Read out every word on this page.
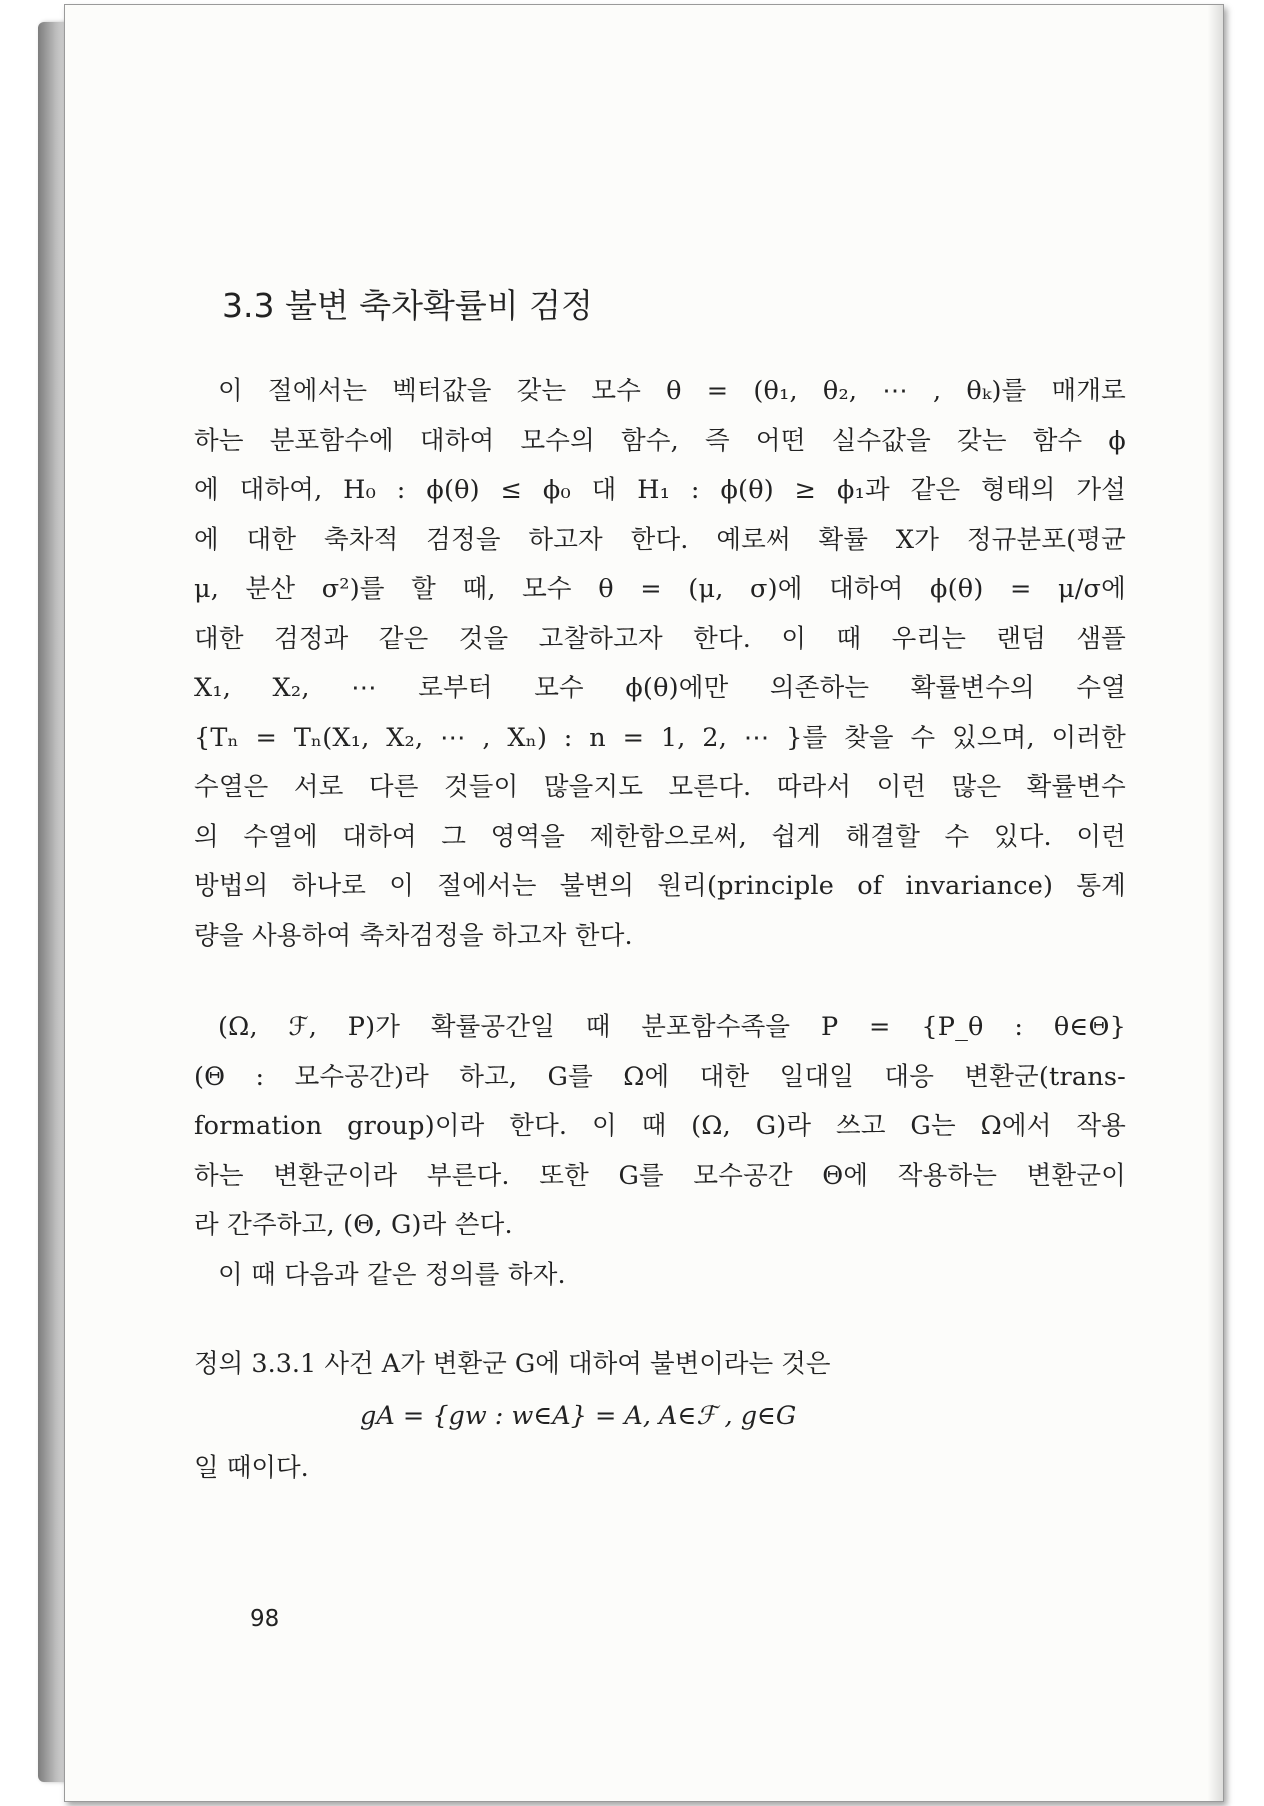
3.3 불변 축차확률비 검정

이 절에서는 벡터값을 갖는 모수 θ = (θ₁, θ₂, ⋯ , θₖ)를 매개로

하는 분포함수에 대하여 모수의 함수, 즉 어떤 실수값을 갖는 함수 ϕ

에 대하여, H₀ : ϕ(θ) ≤ ϕ₀ 대 H₁ : ϕ(θ) ≥ ϕ₁과 같은 형태의 가설

에 대한 축차적 검정을 하고자 한다. 예로써 확률 X가 정규분포(평균

μ, 분산 σ²)를 할 때, 모수 θ = (μ, σ)에 대하여 ϕ(θ) = μ/σ에

대한 검정과 같은 것을 고찰하고자 한다. 이 때 우리는 랜덤 샘플

X₁, X₂, ⋯ 로부터 모수 ϕ(θ)에만 의존하는 확률변수의 수열

{Tₙ = Tₙ(X₁, X₂, ⋯ , Xₙ) : n = 1, 2, ⋯ }를 찾을 수 있으며, 이러한

수열은 서로 다른 것들이 많을지도 모른다. 따라서 이런 많은 확률변수

의 수열에 대하여 그 영역을 제한함으로써, 쉽게 해결할 수 있다. 이런

방법의 하나로 이 절에서는 불변의 원리(principle of invariance) 통계

량을 사용하여 축차검정을 하고자 한다.

(Ω, ℱ, P)가 확률공간일 때 분포함수족을 P = {P_θ : θ∈Θ}

(Θ : 모수공간)라 하고, G를 Ω에 대한 일대일 대응 변환군(trans-

formation group)이라 한다. 이 때 (Ω, G)라 쓰고 G는 Ω에서 작용

하는 변환군이라 부른다. 또한 G를 모수공간 Θ에 작용하는 변환군이

라 간주하고, (Θ, G)라 쓴다.

이 때 다음과 같은 정의를 하자.

정의 3.3.1 사건 A가 변환군 G에 대하여 불변이라는 것은

gA = {gw : w∈A} = A, A∈ℱ , g∈G

일 때이다.

98
